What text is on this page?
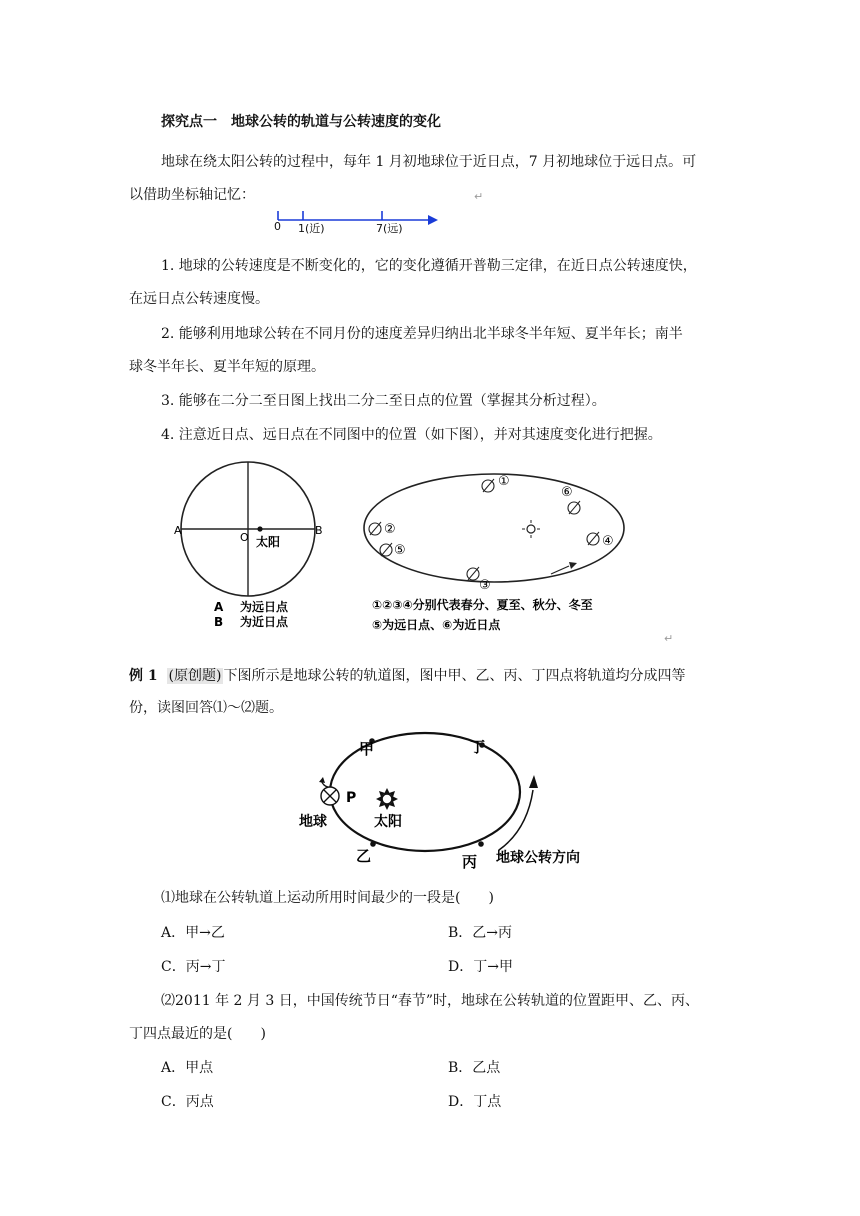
探究点一　地球公转的轨道与公转速度的变化
地球在绕太阳公转的过程中，每年 1 月初地球位于近日点，7 月初地球位于远日点。可
以借助坐标轴记忆：	↵
0 1(近)	7(远)
1. 地球的公转速度是不断变化的，它的变化遵循开普勒三定律，在近日点公转速度快，
在远日点公转速度慢。
2. 能够利用地球公转在不同月份的速度差异归纳出北半球冬半年短、夏半年长；南半
球冬半年长、夏半年短的原理。
3. 能够在二分二至日图上找出二分二至日点的位置（掌握其分析过程）。
4. 注意近日点、远日点在不同图中的位置（如下图），并对其速度变化进行把握。
A	B
O 太阳
A 为远日点
B 为近日点
①
②
③
④
⑤
⑥
①②③④分别代表春分、夏至、秋分、冬至
⑤为远日点、⑥为近日点
↵
例 1 (原创题) 下图所示是地球公转的轨道图，图中甲、乙、丙、丁四点将轨道均分成四等
份，读图回答⑴～⑵题。
甲	丁
乙	丙
P
地球	太阳
地球公转方向
⑴地球在公转轨道上运动所用时间最少的一段是(　　)
A．甲→乙	B．乙→丙
C．丙→丁	D．丁→甲
⑵2011 年 2 月 3 日，中国传统节日“春节”时，地球在公转轨道的位置距甲、乙、丙、
丁四点最近的是(　　)
A．甲点	B．乙点
C．丙点	D．丁点
